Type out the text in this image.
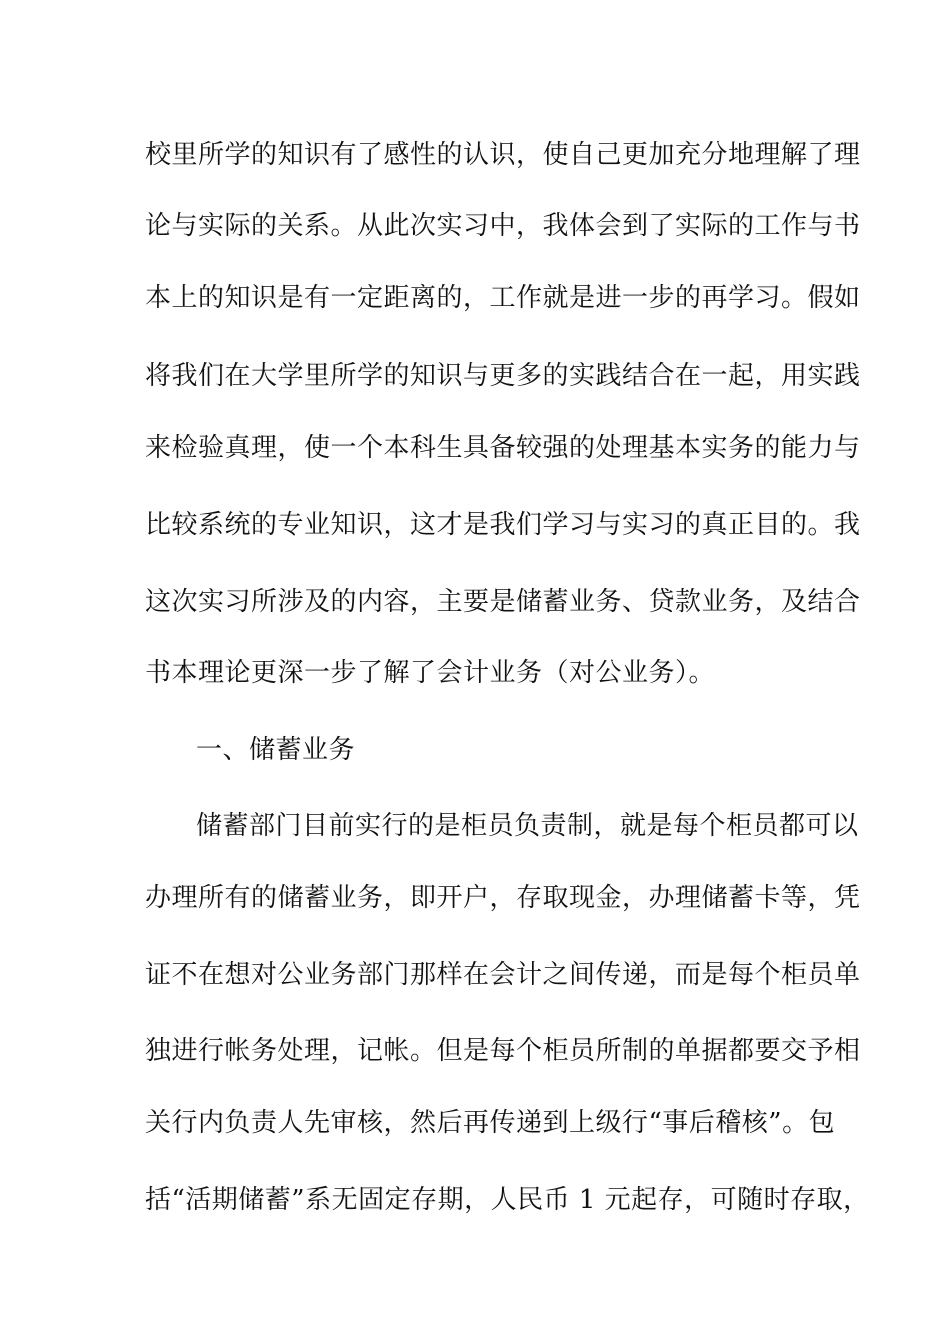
校里所学的知识有了感性的认识，使自己更加充分地理解了理
论与实际的关系。从此次实习中，我体会到了实际的工作与书
本上的知识是有一定距离的，工作就是进一步的再学习。假如
将我们在大学里所学的知识与更多的实践结合在一起，用实践
来检验真理，使一个本科生具备较强的处理基本实务的能力与
比较系统的专业知识，这才是我们学习与实习的真正目的。我
这次实习所涉及的内容，主要是储蓄业务、贷款业务，及结合
书本理论更深一步了解了会计业务（对公业务）。
一、储蓄业务
储蓄部门目前实行的是柜员负责制，就是每个柜员都可以
办理所有的储蓄业务，即开户，存取现金，办理储蓄卡等，凭
证不在想对公业务部门那样在会计之间传递，而是每个柜员单
独进行帐务处理，记帐。但是每个柜员所制的单据都要交予相
关行内负责人先审核，然后再传递到上级行“事后稽核”。包
括“活期储蓄”系无固定存期，人民币 1 元起存，可随时存取，
